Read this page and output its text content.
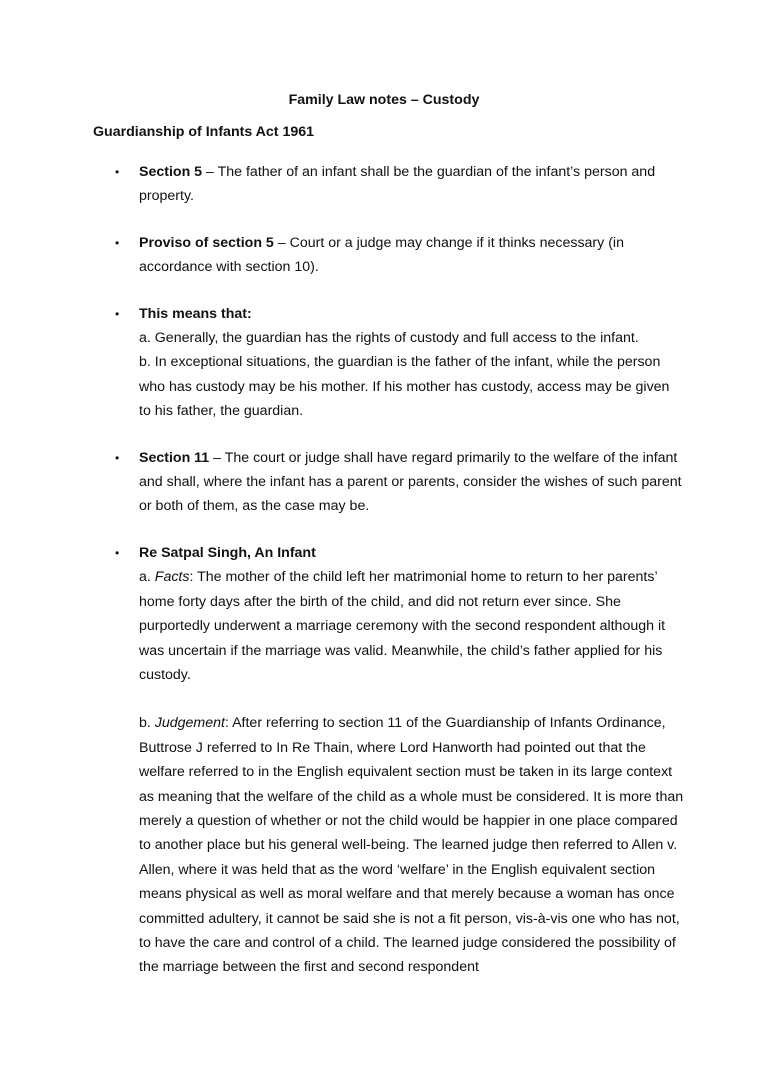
Family Law notes – Custody
Guardianship of Infants Act 1961
• Section 5 – The father of an infant shall be the guardian of the infant’s person and property.

• Proviso of section 5 – Court or a judge may change if it thinks necessary (in accordance with section 10).

• This means that:

a. Generally, the guardian has the rights of custody and full access to the infant.

b. In exceptional situations, the guardian is the father of the infant, while the person who has custody may be his mother. If his mother has custody, access may be given to his father, the guardian.

• Section 11 – The court or judge shall have regard primarily to the welfare of the infant and shall, where the infant has a parent or parents, consider the wishes of such parent or both of them, as the case may be.

• Re Satpal Singh, An Infant

a. Facts: The mother of the child left her matrimonial home to return to her parents’ home forty days after the birth of the child, and did not return ever since. She purportedly underwent a marriage ceremony with the second respondent although it was uncertain if the marriage was valid. Meanwhile, the child’s father applied for his custody.

b. Judgement: After referring to section 11 of the Guardianship of Infants Ordinance, Buttrose J referred to In Re Thain, where Lord Hanworth had pointed out that the welfare referred to in the English equivalent section must be taken in its large context as meaning that the welfare of the child as a whole must be considered. It is more than merely a question of whether or not the child would be happier in one place compared to another place but his general well-being. The learned judge then referred to Allen v. Allen, where it was held that as the word ‘welfare’ in the English equivalent section means physical as well as moral welfare and that merely because a woman has once committed adultery, it cannot be said she is not a fit person, vis-à-vis one who has not, to have the care and control of a child. The learned judge considered the possibility of the marriage between the first and second respondent
